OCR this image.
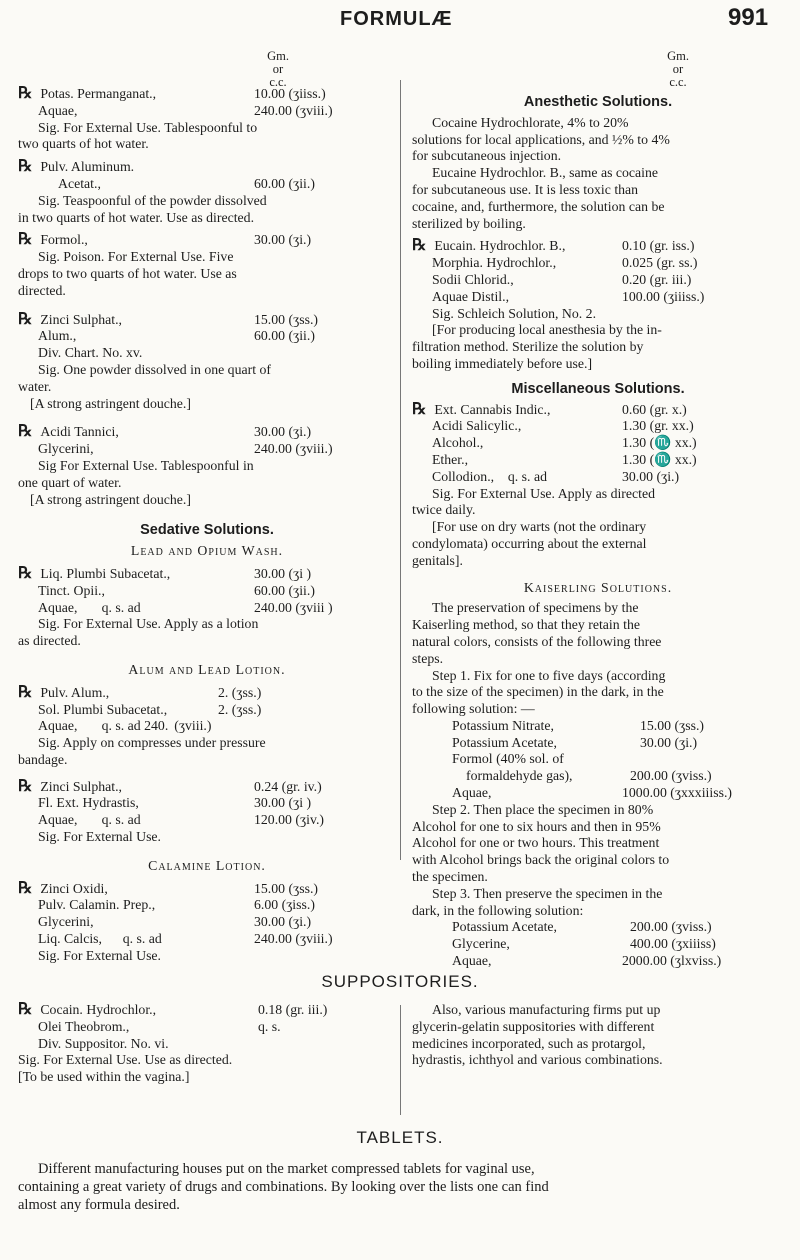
FORMULÆ	991
Gm.
or
c.c.
Gm.
or
c.c.
℞ Potas. Permanganat.,	10.00 (ʒiiss.)
Aquae,	240.00 (ʒviii.)
Sig. For External Use. Tablespoonful to
two quarts of hot water.
℞ Pulv. Aluminum.
Acetat.,	60.00 (ʒii.)
Sig. Teaspoonful of the powder dissolved
in two quarts of hot water. Use as directed.
℞ Formol.,	30.00 (ʒi.)
Sig. Poison. For External Use. Five
drops to two quarts of hot water. Use as
directed.
℞ Zinci Sulphat.,	15.00 (ʒss.)
Alum.,	60.00 (ʒii.)
Div. Chart. No. xv.
Sig. One powder dissolved in one quart of
water.
[A strong astringent douche.]
℞ Acidi Tannici,	30.00 (ʒi.)
Glycerini,	240.00 (ʒviii.)
Sig For External Use. Tablespoonful in
one quart of water.
[A strong astringent douche.]
Sedative Solutions.
Lead and Opium Wash.
℞ Liq. Plumbi Subacetat.,	30.00 (ʒi )
Tinct. Opii.,	60.00 (ʒii.)
Aquae,       q. s. ad	240.00 (ʒviii )
Sig. For External Use. Apply as a lotion
as directed.
Alum and Lead Lotion.
℞ Pulv. Alum.,	2. (ʒss.)
Sol. Plumbi Subacetat.,	2. (ʒss.)
Aquae,       q. s. ad 240. (ʒviii.)
Sig. Apply on compresses under pressure
bandage.
℞ Zinci Sulphat.,	0.24 (gr. iv.)
Fl. Ext. Hydrastis,	30.00 (ʒi )
Aquae,       q. s. ad	120.00 (ʒiv.)
Sig. For External Use.
Calamine Lotion.
℞ Zinci Oxidi,	15.00 (ʒss.)
Pulv. Calamin. Prep.,	6.00 (ʒiss.)
Glycerini,	30.00 (ʒi.)
Liq. Calcis,      q. s. ad	240.00 (ʒviii.)
Sig. For External Use.
Anesthetic Solutions.
Cocaine Hydrochlorate, 4% to 20%
solutions for local applications, and ½% to 4%
for subcutaneous injection.
Eucaine Hydrochlor. B., same as cocaine
for subcutaneous use. It is less toxic than
cocaine, and, furthermore, the solution can be
sterilized by boiling.
℞ Eucain. Hydrochlor. B.,	0.10 (gr. iss.)
Morphia. Hydrochlor.,	0.025 (gr. ss.)
Sodii Chlorid.,	0.20 (gr. iii.)
Aquae Distil.,	100.00 (ʒiiiss.)
Sig. Schleich Solution, No. 2.
[For producing local anesthesia by the in-
filtration method. Sterilize the solution by
boiling immediately before use.]
Miscellaneous Solutions.
℞ Ext. Cannabis Indic.,	0.60 (gr. x.)
Acidi Salicylic.,	1.30 (gr. xx.)
Alcohol.,	1.30 (♏ xx.)
Ether.,	1.30 (♏ xx.)
Collodion.,    q. s. ad	30.00 (ʒi.)
Sig. For External Use. Apply as directed
twice daily.
[For use on dry warts (not the ordinary
condylomata) occurring about the external
genitals].
Kaiserling Solutions.
The preservation of specimens by the
Kaiserling method, so that they retain the
natural colors, consists of the following three
steps.
Step 1. Fix for one to five days (according
to the size of the specimen) in the dark, in the
following solution: —
Potassium Nitrate,	15.00 (ʒss.)
Potassium Acetate,	30.00 (ʒi.)
Formol (40% sol. of
formaldehyde gas),	200.00 (ʒviss.)
Aquae,	1000.00 (ʒxxxiiiss.)
Step 2. Then place the specimen in 80%
Alcohol for one to six hours and then in 95%
Alcohol for one or two hours. This treatment
with Alcohol brings back the original colors to
the specimen.
Step 3. Then preserve the specimen in the
dark, in the following solution:
Potassium Acetate,	200.00 (ʒviss.)
Glycerine,	400.00 (ʒxiiiss)
Aquae,	2000.00 (ʒlxviss.)
SUPPOSITORIES.
℞ Cocain. Hydrochlor.,	0.18 (gr. iii.)
Olei Theobrom.,	q. s.
Div. Suppositor. No. vi.
Sig. For External Use. Use as directed.
[To be used within the vagina.]
Also, various manufacturing firms put up
glycerin-gelatin suppositories with different
medicines incorporated, such as protargol,
hydrastis, ichthyol and various combinations.
TABLETS.
Different manufacturing houses put on the market compressed tablets for vaginal use,
containing a great variety of drugs and combinations. By looking over the lists one can find
almost any formula desired.
